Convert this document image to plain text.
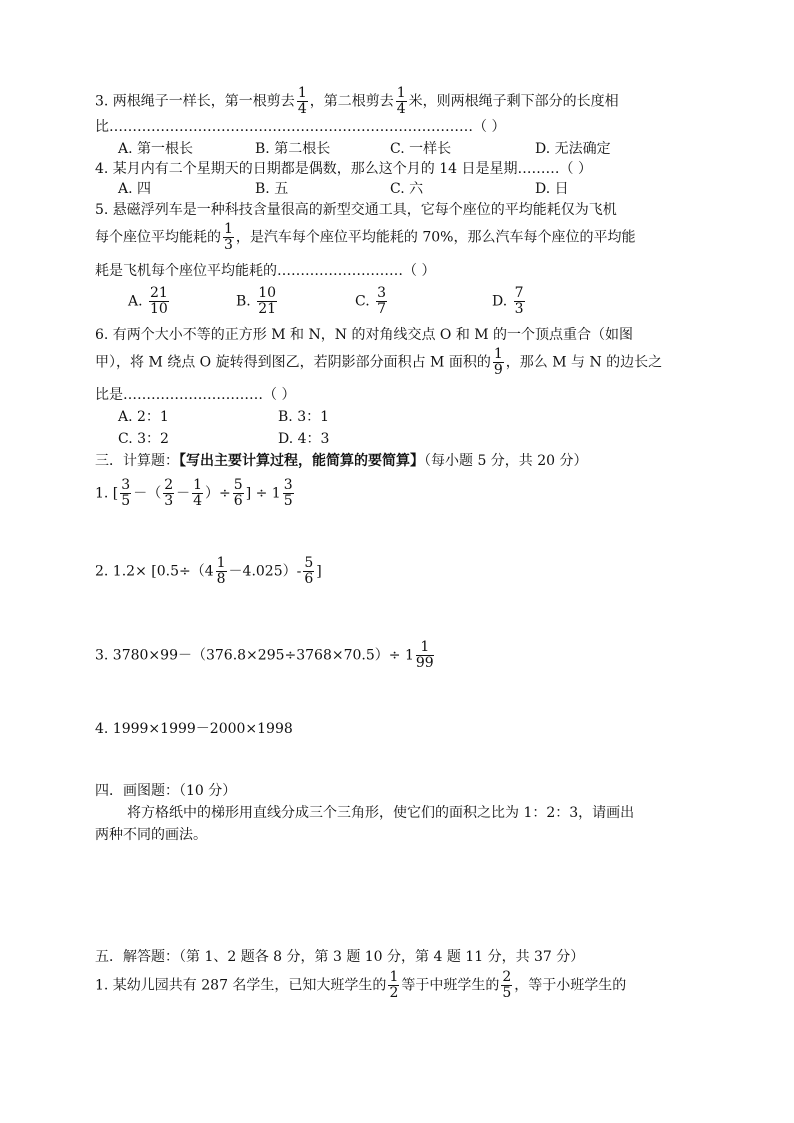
3. 两根绳子一样长，第一根剪去 $\frac{1}{4}$ ，第二根剪去 $\frac{1}{4}$ 米，则两根绳子剩下部分的长度相
比……………………………………………………………………（ ）
A. 第一根长	B. 第二根长	C. 一样长	D. 无法确定
4. 某月内有二个星期天的日期都是偶数，那么这个月的 14 日是星期………（ ）
A. 四	B. 五	C. 六	D. 日
5. 悬磁浮列车是一种科技含量很高的新型交通工具，它每个座位的平均能耗仅为飞机
每个座位平均能耗的 $\frac{1}{3}$ ，是汽车每个座位平均能耗的 70%，那么汽车每个座位的平均能
耗是飞机每个座位平均能耗的………………………（ ）
A. $\frac{21}{10}$	B. $\frac{10}{21}$	C. $\frac{3}{7}$	D. $\frac{7}{3}$
6. 有两个大小不等的正方形 M 和 N，N 的对角线交点 O 和 M 的一个顶点重合（如图
甲），将 M 绕点 O 旋转得到图乙，若阴影部分面积占 M 面积的 $\frac{1}{9}$ ，那么 M 与 N 的边长之
比是…………………………（ ）
A. 2：1	B. 3：1
C. 3：2	D. 4：3
三．计算题：【写出主要计算过程，能简算的要简算】（每小题 5 分，共 20 分）
1. [ $\frac{3}{5}$ －（ $\frac{2}{3} - \frac{1}{4}$ ）÷ $\frac{5}{6}$ ] ÷ $1 \frac{3}{5}$
2. $1.2\times [0.5\div(4 \frac{1}{8} -4.025)- \frac{5}{6}$ ]
3. $3780\times 99-(376.8\times 295\div 3768\times 70.5)\div 1 \frac{1}{99}$
4. 1999×1999－2000×1998
四．画图题：（10 分）
将方格纸中的梯形用直线分成三个三角形，使它们的面积之比为 1：2：3，请画出
两种不同的画法。
五．解答题：（第 1、2 题各 8 分，第 3 题 10 分，第 4 题 11 分，共 37 分）
1. 某幼儿园共有 287 名学生，已知大班学生的 $\frac{1}{2}$ 等于中班学生的 $\frac{2}{5}$ ，等于小班学生的
